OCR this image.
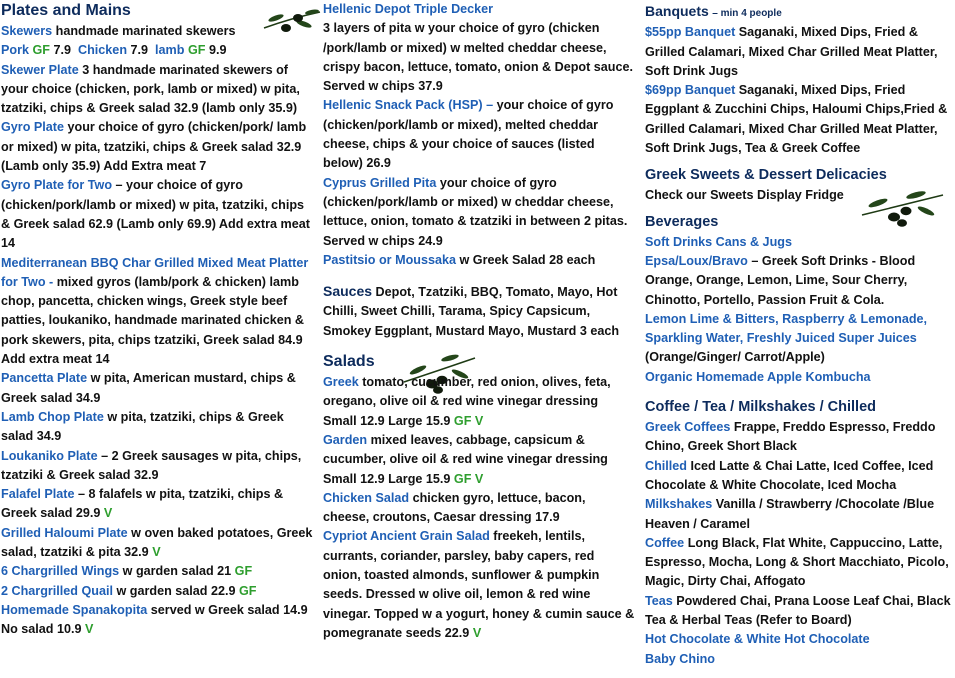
Plates and Mains
Skewers handmade marinated skewers
Pork GF 7.9 Chicken 7.9 lamb GF 9.9
Skewer Plate 3 handmade marinated skewers of your choice (chicken, pork, lamb or mixed) w pita, tzatziki, chips & Greek salad 32.9 (lamb only 35.9)
Gyro Plate your choice of gyro (chicken/pork/ lamb or mixed) w pita, tzatziki, chips & Greek salad 32.9 (Lamb only 35.9) Add Extra meat 7
Gyro Plate for Two – your choice of gyro (chicken/pork/lamb or mixed) w pita, tzatziki, chips & Greek salad 62.9 (Lamb only 69.9) Add extra meat 14
Mediterranean BBQ Char Grilled Mixed Meat Platter for Two - mixed gyros (lamb/pork & chicken) lamb chop, pancetta, chicken wings, Greek style beef patties, loukaniko, handmade marinated chicken & pork skewers, pita, chips tzatziki, Greek salad 84.9 Add extra meat 14
Pancetta Plate w pita, American mustard, chips & Greek salad 34.9
Lamb Chop Plate w pita, tzatziki, chips & Greek salad 34.9
Loukaniko Plate – 2 Greek sausages w pita, chips, tzatziki & Greek salad 32.9
Falafel Plate – 8 falafels w pita, tzatziki, chips & Greek salad 29.9 V
Grilled Haloumi Plate w oven baked potatoes, Greek salad, tzatziki & pita 32.9 V
6 Chargrilled Wings w garden salad 21 GF
2 Chargrilled Quail w garden salad 22.9 GF
Homemade Spanakopita served w Greek salad 14.9 No salad 10.9 V
Hellenic Depot Triple Decker
3 layers of pita w your choice of gyro (chicken /pork/lamb or mixed) w melted cheddar cheese, crispy bacon, lettuce, tomato, onion & Depot sauce. Served w chips 37.9
Hellenic Snack Pack (HSP) – your choice of gyro (chicken/pork/lamb or mixed), melted cheddar cheese, chips & your choice of sauces (listed below) 26.9
Cyprus Grilled Pita your choice of gyro (chicken/pork/lamb or mixed) w cheddar cheese, lettuce, onion, tomato & tzatziki in between 2 pitas. Served w chips 24.9
Pastitsio or Moussaka w Greek Salad 28 each
Sauces Depot, Tzatziki, BBQ, Tomato, Mayo, Hot Chilli, Sweet Chilli, Tarama, Spicy Capsicum, Smokey Eggplant, Mustard Mayo, Mustard 3 each
Salads
Greek tomato, cucumber, red onion, olives, feta, oregano, olive oil & red wine vinegar dressing Small 12.9 Large 15.9 GF V
Garden mixed leaves, cabbage, capsicum & cucumber, olive oil & red wine vinegar dressing Small 12.9 Large 15.9 GF V
Chicken Salad chicken gyro, lettuce, bacon, cheese, croutons, Caesar dressing 17.9
Cypriot Ancient Grain Salad freekeh, lentils, currants, coriander, parsley, baby capers, red onion, toasted almonds, sunflower & pumpkin seeds. Dressed w olive oil, lemon & red wine vinegar. Topped w a yogurt, honey & cumin sauce & pomegranate seeds 22.9 V
Banquets – min 4 people
$55pp Banquet Saganaki, Mixed Dips, Fried & Grilled Calamari, Mixed Char Grilled Meat Platter, Soft Drink Jugs
$69pp Banquet Saganaki, Mixed Dips, Fried Eggplant & Zucchini Chips, Haloumi Chips,Fried & Grilled Calamari, Mixed Char Grilled Meat Platter, Soft Drink Jugs, Tea & Greek Coffee
Greek Sweets & Dessert Delicacies
Check our Sweets Display Fridge
Beverages
Soft Drinks Cans & Jugs
Epsa/Loux/Bravo – Greek Soft Drinks - Blood Orange, Orange, Lemon, Lime, Sour Cherry, Chinotto, Portello, Passion Fruit & Cola.
Lemon Lime & Bitters, Raspberry & Lemonade, Sparkling Water, Freshly Juiced Super Juices (Orange/Ginger/ Carrot/Apple)
Organic Homemade Apple Kombucha
Coffee / Tea / Milkshakes / Chilled
Greek Coffees Frappe, Freddo Espresso, Freddo Chino, Greek Short Black
Chilled Iced Latte & Chai Latte, Iced Coffee, Iced Chocolate & White Chocolate, Iced Mocha
Milkshakes Vanilla / Strawberry /Chocolate /Blue Heaven / Caramel
Coffee Long Black, Flat White, Cappuccino, Latte, Espresso, Mocha, Long & Short Macchiato, Picolo, Magic, Dirty Chai, Affogato
Teas Powdered Chai, Prana Loose Leaf Chai, Black Tea & Herbal Teas (Refer to Board)
Hot Chocolate & White Hot Chocolate
Baby Chino
